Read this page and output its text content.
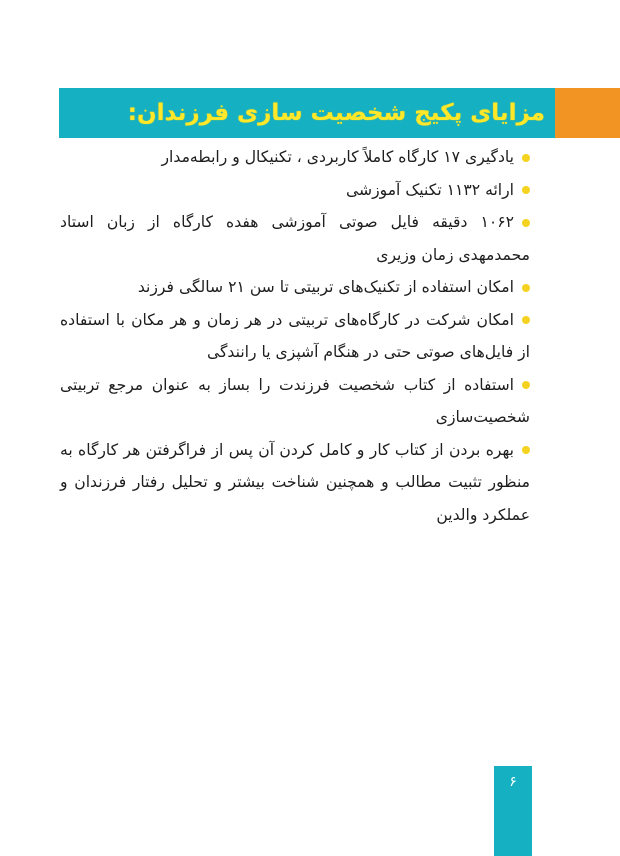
مزایای پکیج شخصیت سازی فرزندان:
یادگیری ۱۷ کارگاه کاملاً کاربردی ، تکنیکال و رابطه‌مدار
ارائه ۱۱۳۲ تکنیک آموزشی
۱۰۶۲ دقیقه فایل صوتی آموزشی هفده کارگاه از زبان استاد محمدمهدی زمان وزیری
امکان استفاده از تکنیک‌های تربیتی تا سن ۲۱ سالگی فرزند
امکان شرکت در کارگاه‌های تربیتی در هر زمان و هر مکان با استفاده از فایل‌های صوتی حتی در هنگام آشپزی یا رانندگی
استفاده از کتاب شخصیت فرزندت را بساز به عنوان مرجع تربیتی شخصیت‌سازی
بهره بردن از کتاب کار و کامل کردن آن پس از فراگرفتن هر کارگاه به منظور تثبیت مطالب و همچنین شناخت بیشتر و تحلیل رفتار فرزندان و عملکرد والدین
۶
